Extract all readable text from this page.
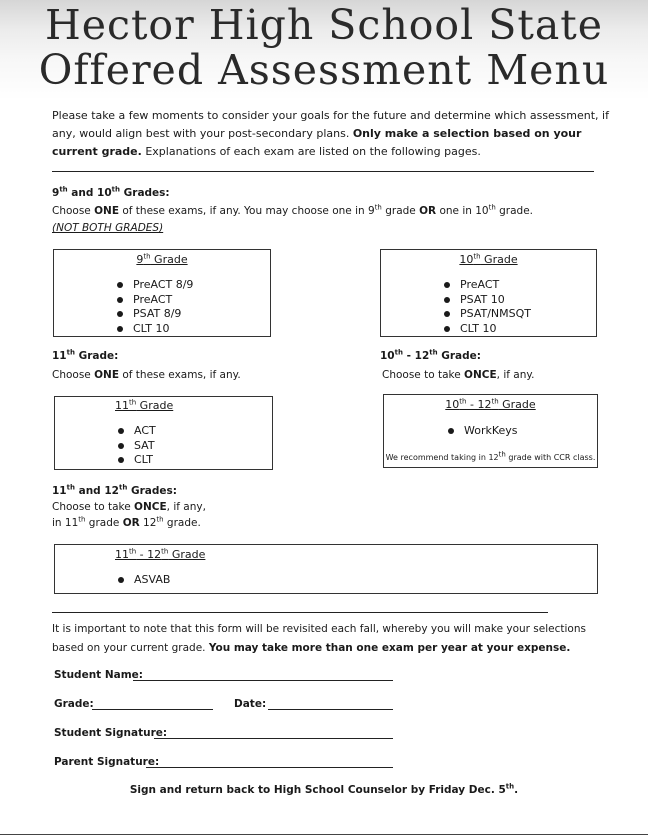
Hector High School State
Offered Assessment Menu
Please take a few moments to consider your goals for the future and determine which assessment, if any, would align best with your post-secondary plans. Only make a selection based on your current grade. Explanations of each exam are listed on the following pages.
9th and 10th Grades:
Choose ONE of these exams, if any. You may choose one in 9th grade OR one in 10th grade.
(NOT BOTH GRADES)
9th Grade
PreACT 8/9
PreACT
PSAT 8/9
CLT 10
10th Grade
PreACT
PSAT 10
PSAT/NMSQT
CLT 10
11th Grade:
Choose ONE of these exams, if any.
10th - 12th Grade:
Choose to take ONCE, if any.
11th Grade
ACT
SAT
CLT
10th - 12th Grade
WorkKeys
We recommend taking in 12th grade with CCR class.
11th and 12th Grades:
Choose to take ONCE, if any,
in 11th grade OR 12th grade.
11th - 12th Grade
ASVAB
It is important to note that this form will be revisited each fall, whereby you will make your selections based on your current grade. You may take more than one exam per year at your expense.
Student Name:
Grade:	Date:
Student Signature:
Parent Signature:
Sign and return back to High School Counselor by Friday Dec. 5th.
